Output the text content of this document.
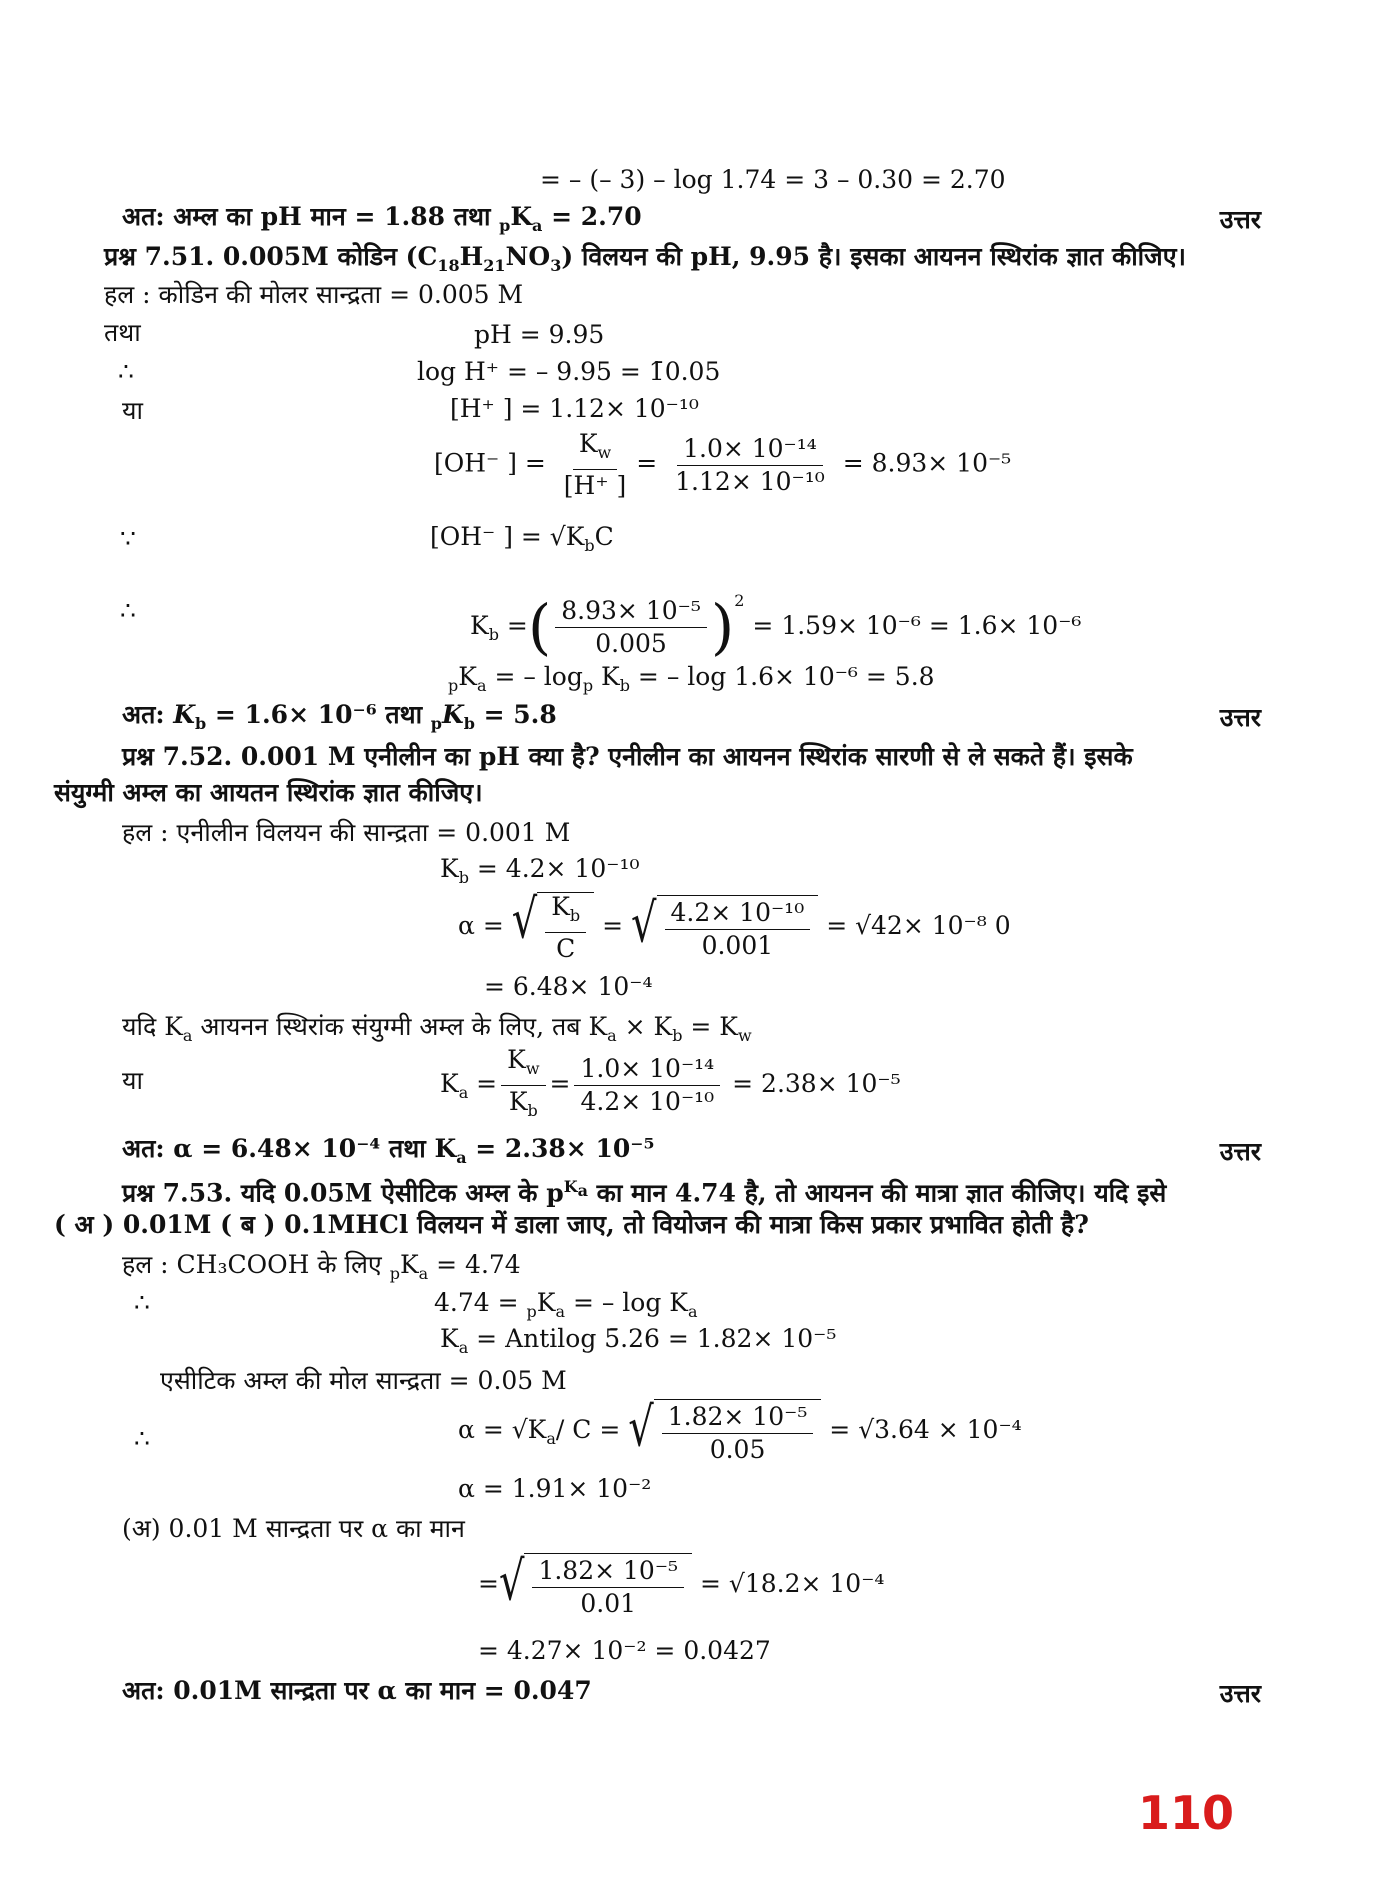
= – (– 3) – log 1.74 = 3 – 0.30 = 2.70
अत: अम्ल का pH मान = 1.88 तथा $_pK_a = 2.70$	उत्तर
प्रश्न 7.51. 0.005M कोडिन $(C_{18}H_{21}NO_3)$ विलयन की pH, 9.95 है। इसका आयनन स्थिरांक ज्ञात कीजिए।
हल : कोडिन की मोलर सान्द्रता = 0.005 M
तथा	pH = 9.95
∴	log H⁺ = – 9.95 = 1̄0.05
या	[H⁺ ] = 1.12× 10⁻¹⁰
[OH⁻ ] = $\frac{K_w}{[H^+ ]} = \frac{\text{1.0× 10⁻¹⁴}}{\text{1.12× 10⁻¹⁰}} = 8.93\times 10^{-5}$
∵	[OH⁻ ] = $√K_bC$
∴
$K_b$ =( $\frac{\text{8.93× 10⁻⁵}}{0.005} )^2 = 1.59\times 10^{-6} = 1.6\times 10^{-6}$
$_pK_a$ = – $\log_p K_b$ = – log 1.6× 10⁻⁶ = 5.8
अत: $K_b = 1.6\times 10^{-6}$ तथा $_pK_b = 5.8$	उत्तर
प्रश्न 7.52. 0.001 M एनीलीन का pH क्या है? एनीलीन का आयनन स्थिरांक सारणी से ले सकते हैं। इसके
संयुग्मी अम्ल का आयतन स्थिरांक ज्ञात कीजिए।
हल : एनीलीन विलयन की सान्द्रता = 0.001 M
$K_b = 4.2\times 10^{-10}$
α = √ $\frac{K_b}{C}$ = √ $\frac{\text{4.2× 10⁻¹⁰}}{0.001} = √42\times 10^{-8}$ 0
= 6.48× 10⁻⁴
यदि $K_a$ आयनन स्थिरांक संयुग्मी अम्ल के लिए, तब $K_a \times K_b = K_w$
या	$K_a = \frac{K_w}{K_b} = \frac{\text{1.0× 10⁻¹⁴}}{\text{4.2× 10⁻¹⁰}} = 2.38\times 10^{-5}$
अत: α = 6.48× 10⁻⁴ तथा $K_a = 2.38\times 10^{-5}$	उत्तर
प्रश्न 7.53. यदि 0.05M ऐसीटिक अम्ल के $p^{K_a}$ का मान 4.74 है, तो आयनन की मात्रा ज्ञात कीजिए। यदि इसे
( अ ) 0.01M ( ब ) 0.1MHCl विलयन में डाला जाए, तो वियोजन की मात्रा किस प्रकार प्रभावित होती है?
हल : CH₃COOH के लिए $_pK_a = 4.74$
∴	$4.74 = _pK_a$ = – $\log K_a$
$K_a$ = Antilog 5̄.26 = 1.82× 10⁻⁵
एसीटिक अम्ल की मोल सान्द्रता = 0.05 M
∴	$\alpha = √K_a/$ C = √ $\frac{\text{1.82× 10⁻⁵}}{0.05} = √3.64 \times 10^{-4}$
α = 1.91× 10⁻²
(अ) 0.01 M सान्द्रता पर α का मान
= √ $\frac{\text{1.82× 10⁻⁵}}{0.01} = √18.2\times 10^{-4}$
= 4.27× 10⁻² = 0.0427
अत: 0.01M सान्द्रता पर α का मान = 0.047	उत्तर
110
